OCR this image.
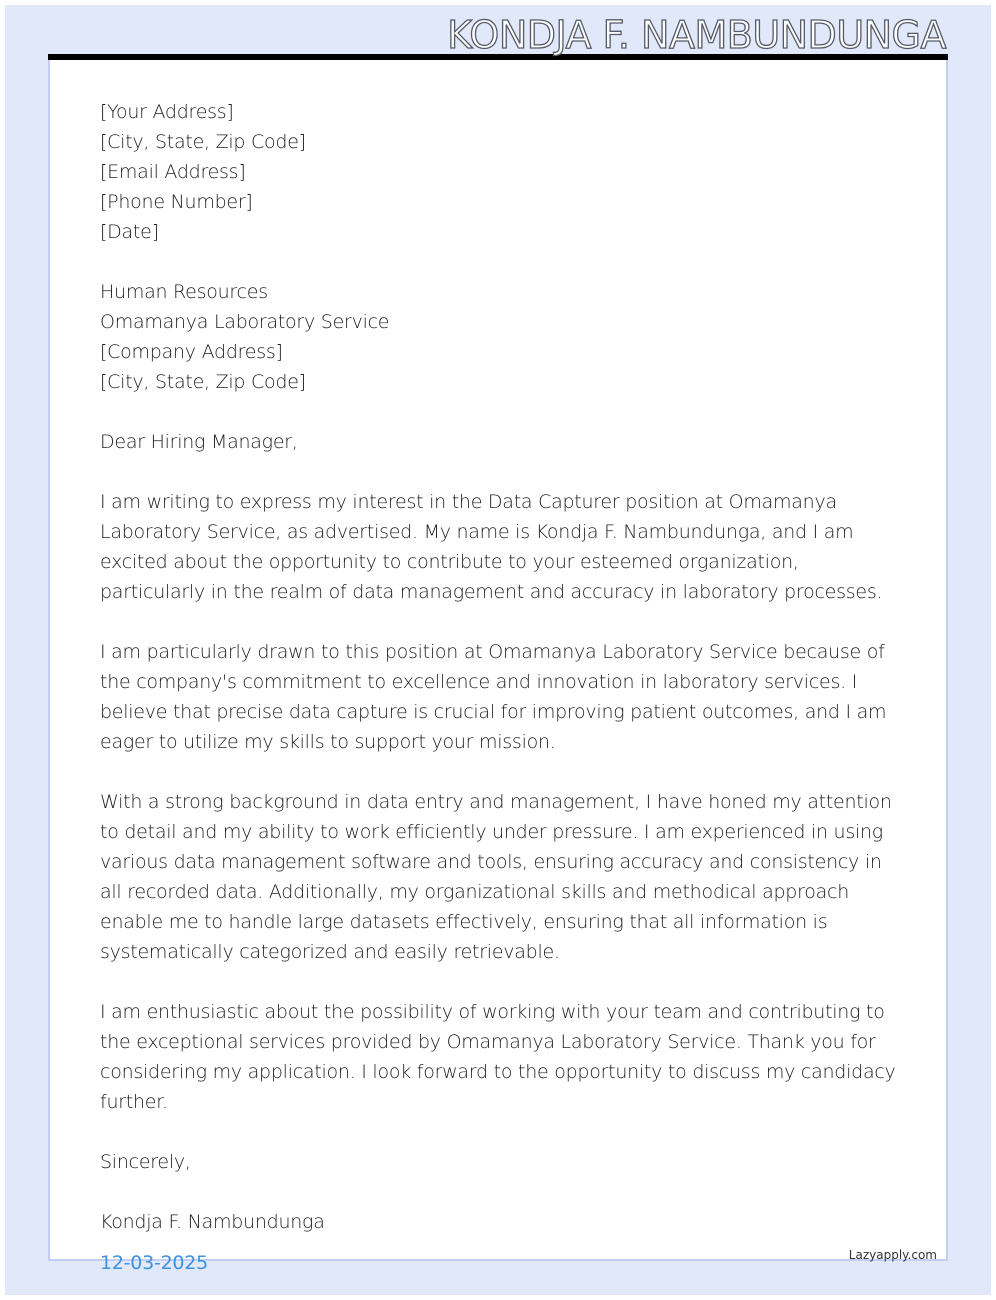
KONDJA F. NAMBUNDUNGA
[Your Address]
[City, State, Zip Code]
[Email Address]
[Phone Number]
[Date]
Human Resources
Omamanya Laboratory Service
[Company Address]
[City, State, Zip Code]
Dear Hiring Manager,

I am writing to express my interest in the Data Capturer position at Omamanya Laboratory Service, as advertised. My name is Kondja F. Nambundunga, and I am excited about the opportunity to contribute to your esteemed organization, particularly in the realm of data management and accuracy in laboratory processes.

I am particularly drawn to this position at Omamanya Laboratory Service because of the company's commitment to excellence and innovation in laboratory services. I believe that precise data capture is crucial for improving patient outcomes, and I am eager to utilize my skills to support your mission.

With a strong background in data entry and management, I have honed my attention to detail and my ability to work efficiently under pressure. I am experienced in using various data management software and tools, ensuring accuracy and consistency in all recorded data. Additionally, my organizational skills and methodical approach enable me to handle large datasets effectively, ensuring that all information is systematically categorized and easily retrievable.

I am enthusiastic about the possibility of working with your team and contributing to the exceptional services provided by Omamanya Laboratory Service. Thank you for considering my application. I look forward to the opportunity to discuss my candidacy further.

Sincerely,
Kondja F. Nambundunga
12-03-2025	Lazyapply.com
